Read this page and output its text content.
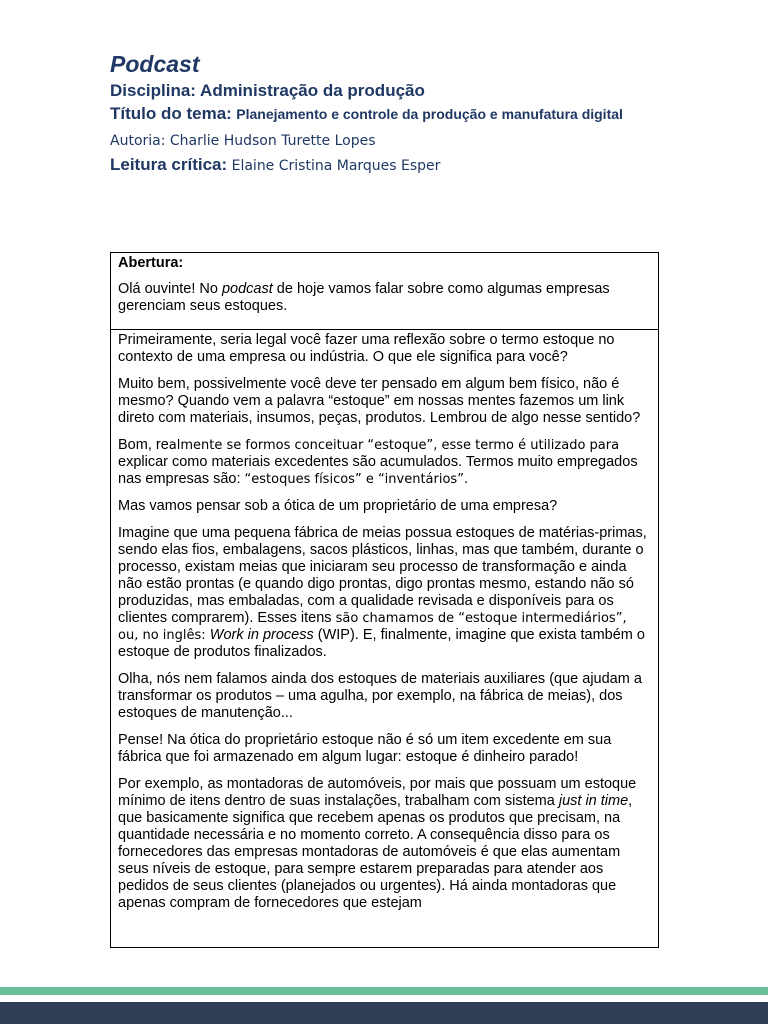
Podcast
Disciplina: Administração da produção
Título do tema: Planejamento e controle da produção e manufatura digital
Autoria: Charlie Hudson Turette Lopes
Leitura crítica: Elaine Cristina Marques Esper
Abertura:

Olá ouvinte! No podcast de hoje vamos falar sobre como algumas empresas gerenciam seus estoques.

Primeiramente, seria legal você fazer uma reflexão sobre o termo estoque no contexto de uma empresa ou indústria. O que ele significa para você?

Muito bem, possivelmente você deve ter pensado em algum bem físico, não é mesmo? Quando vem a palavra “estoque” em nossas mentes fazemos um link direto com materiais, insumos, peças, produtos. Lembrou de algo nesse sentido?

Bom, realmente se formos conceituar “estoque”, esse termo é utilizado para explicar como materiais excedentes são acumulados. Termos muito empregados nas empresas são: “estoques físicos” e “inventários”.

Mas vamos pensar sob a ótica de um proprietário de uma empresa?

Imagine que uma pequena fábrica de meias possua estoques de matérias-primas, sendo elas fios, embalagens, sacos plásticos, linhas, mas que também, durante o processo, existam meias que iniciaram seu processo de transformação e ainda não estão prontas (e quando digo prontas, digo prontas mesmo, estando não só produzidas, mas embaladas, com a qualidade revisada e disponíveis para os clientes comprarem). Esses itens são chamamos de “estoque intermediários”, ou, no inglês: Work in process (WIP). E, finalmente, imagine que exista também o estoque de produtos finalizados.

Olha, nós nem falamos ainda dos estoques de materiais auxiliares (que ajudam a transformar os produtos – uma agulha, por exemplo, na fábrica de meias), dos estoques de manutenção...

Pense! Na ótica do proprietário estoque não é só um item excedente em sua fábrica que foi armazenado em algum lugar: estoque é dinheiro parado!

Por exemplo, as montadoras de automóveis, por mais que possuam um estoque mínimo de itens dentro de suas instalações, trabalham com sistema just in time, que basicamente significa que recebem apenas os produtos que precisam, na quantidade necessária e no momento correto. A consequência disso para os fornecedores das empresas montadoras de automóveis é que elas aumentam seus níveis de estoque, para sempre estarem preparadas para atender aos pedidos de seus clientes (planejados ou urgentes). Há ainda montadoras que apenas compram de fornecedores que estejam
